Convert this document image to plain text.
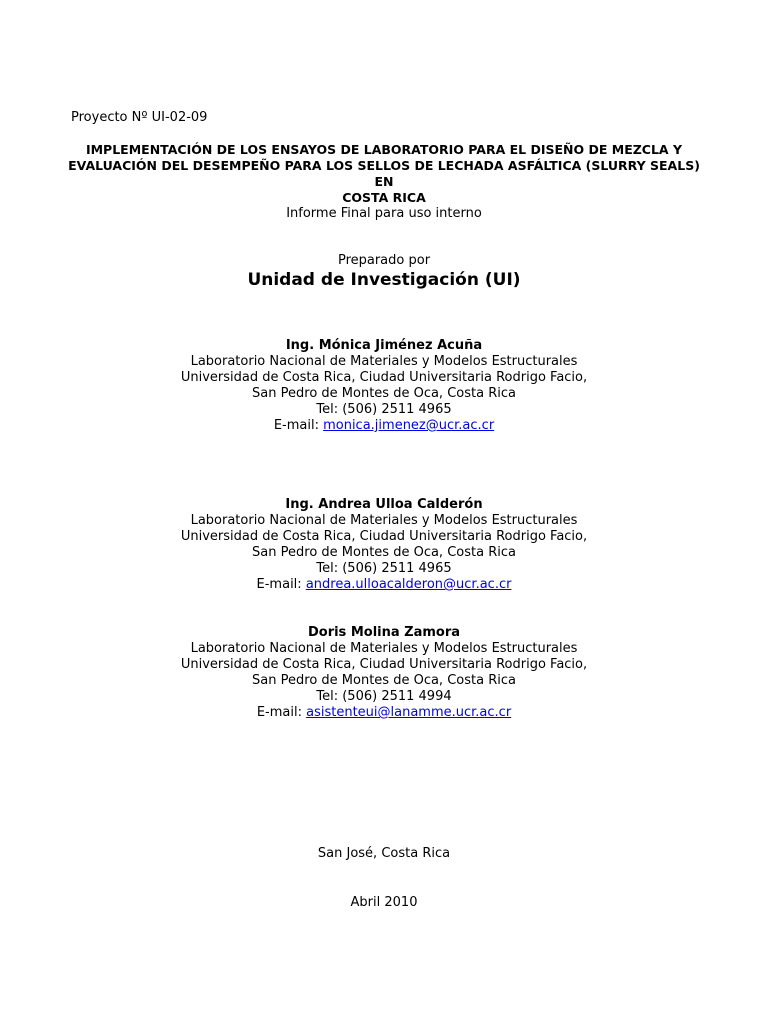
Proyecto Nº UI-02-09
IMPLEMENTACIÓN DE LOS ENSAYOS DE LABORATORIO PARA EL DISEÑO DE MEZCLA Y
EVALUACIÓN DEL DESEMPEÑO PARA LOS SELLOS DE LECHADA ASFÁLTICA (SLURRY SEALS) EN
COSTA RICA
Informe Final para uso interno
Preparado por
Unidad de Investigación (UI)
Ing. Mónica Jiménez Acuña
Laboratorio Nacional de Materiales y Modelos Estructurales
Universidad de Costa Rica, Ciudad Universitaria Rodrigo Facio,
San Pedro de Montes de Oca, Costa Rica
Tel: (506) 2511 4965
E-mail: monica.jimenez@ucr.ac.cr
Ing. Andrea Ulloa Calderón
Laboratorio Nacional de Materiales y Modelos Estructurales
Universidad de Costa Rica, Ciudad Universitaria Rodrigo Facio,
San Pedro de Montes de Oca, Costa Rica
Tel: (506) 2511 4965
E-mail: andrea.ulloacalderon@ucr.ac.cr
Doris Molina Zamora
Laboratorio Nacional de Materiales y Modelos Estructurales
Universidad de Costa Rica, Ciudad Universitaria Rodrigo Facio,
San Pedro de Montes de Oca, Costa Rica
Tel: (506) 2511 4994
E-mail: asistenteui@lanamme.ucr.ac.cr
San José, Costa Rica
Abril 2010
